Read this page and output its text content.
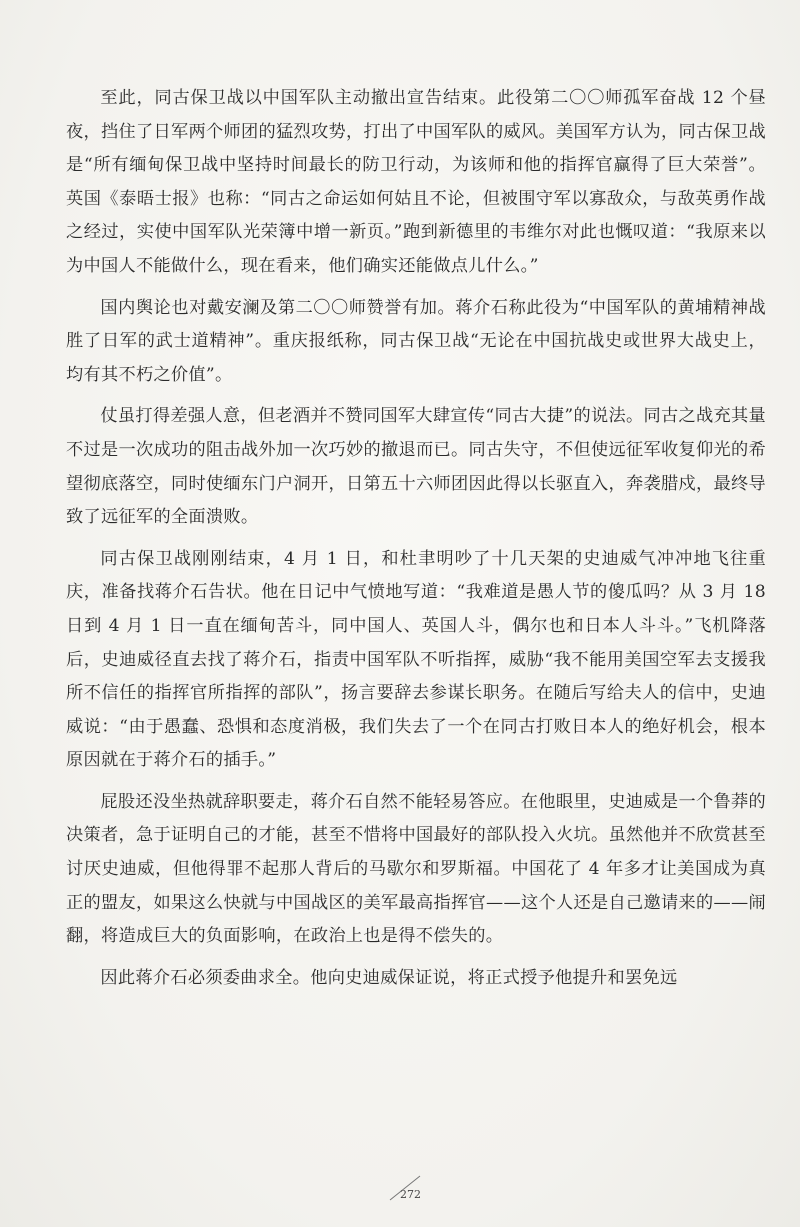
至此，同古保卫战以中国军队主动撤出宣告结束。此役第二〇〇师孤军奋战 12 个昼夜，挡住了日军两个师团的猛烈攻势，打出了中国军队的威风。美国军方认为，同古保卫战是“所有缅甸保卫战中坚持时间最长的防卫行动，为该师和他的指挥官赢得了巨大荣誉”。英国《泰晤士报》也称：“同古之命运如何姑且不论，但被围守军以寡敌众，与敌英勇作战之经过，实使中国军队光荣簿中增一新页。”跑到新德里的韦维尔对此也慨叹道：“我原来以为中国人不能做什么，现在看来，他们确实还能做点儿什么。”

国内舆论也对戴安澜及第二〇〇师赞誉有加。蒋介石称此役为“中国军队的黄埔精神战胜了日军的武士道精神”。重庆报纸称，同古保卫战“无论在中国抗战史或世界大战史上，均有其不朽之价值”。

仗虽打得差强人意，但老酒并不赞同国军大肆宣传“同古大捷”的说法。同古之战充其量不过是一次成功的阻击战外加一次巧妙的撤退而已。同古失守，不但使远征军收复仰光的希望彻底落空，同时使缅东门户洞开，日第五十六师团因此得以长驱直入，奔袭腊戍，最终导致了远征军的全面溃败。

同古保卫战刚刚结束，4 月 1 日，和杜聿明吵了十几天架的史迪威气冲冲地飞往重庆，准备找蒋介石告状。他在日记中气愤地写道：“我难道是愚人节的傻瓜吗？从 3 月 18 日到 4 月 1 日一直在缅甸苦斗，同中国人、英国人斗，偶尔也和日本人斗斗。”飞机降落后，史迪威径直去找了蒋介石，指责中国军队不听指挥，威胁“我不能用美国空军去支援我所不信任的指挥官所指挥的部队”，扬言要辞去参谋长职务。在随后写给夫人的信中，史迪威说：“由于愚蠢、恐惧和态度消极，我们失去了一个在同古打败日本人的绝好机会，根本原因就在于蒋介石的插手。”

屁股还没坐热就辞职要走，蒋介石自然不能轻易答应。在他眼里，史迪威是一个鲁莽的决策者，急于证明自己的才能，甚至不惜将中国最好的部队投入火坑。虽然他并不欣赏甚至讨厌史迪威，但他得罪不起那人背后的马歇尔和罗斯福。中国花了 4 年多才让美国成为真正的盟友，如果这么快就与中国战区的美军最高指挥官——这个人还是自己邀请来的——闹翻，将造成巨大的负面影响，在政治上也是得不偿失的。

因此蒋介石必须委曲求全。他向史迪威保证说，将正式授予他提升和罢免远

272
